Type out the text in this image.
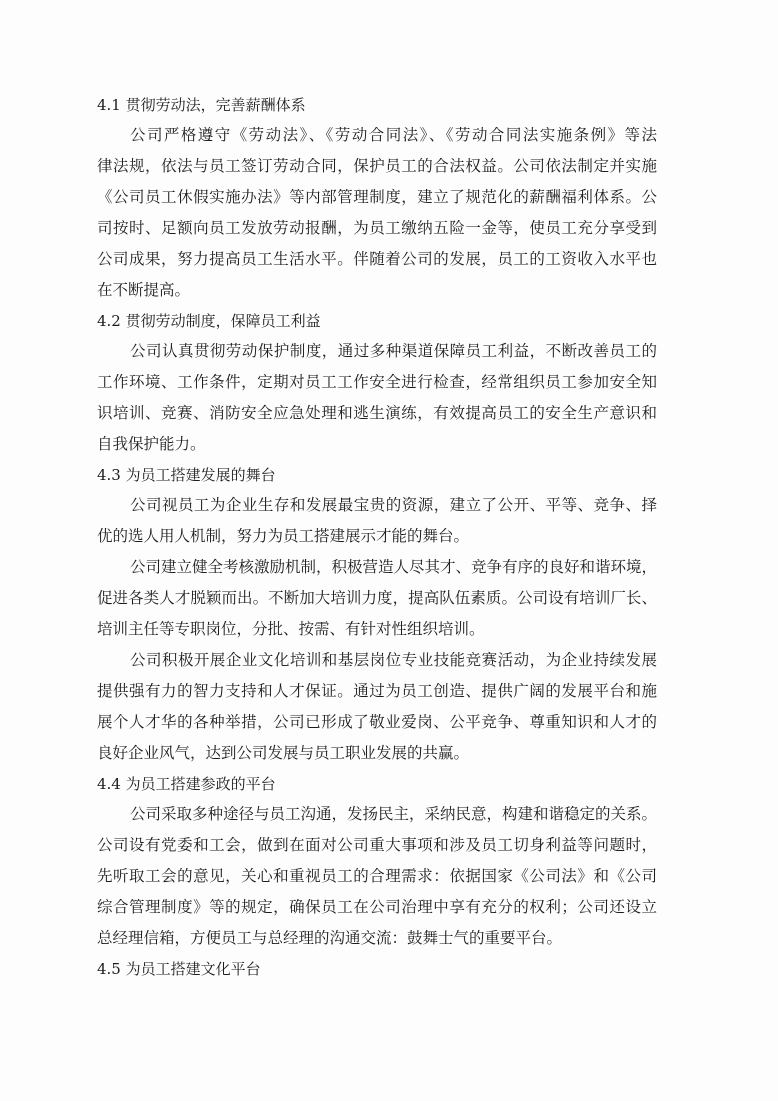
4.1 贯彻劳动法，完善薪酬体系
公司严格遵守《劳动法》、《劳动合同法》、《劳动合同法实施条例》等法
律法规，依法与员工签订劳动合同，保护员工的合法权益。公司依法制定并实施
《公司员工休假实施办法》等内部管理制度，建立了规范化的薪酬福利体系。公
司按时、足额向员工发放劳动报酬，为员工缴纳五险一金等，使员工充分享受到
公司成果，努力提高员工生活水平。伴随着公司的发展，员工的工资收入水平也
在不断提高。
4.2 贯彻劳动制度，保障员工利益
公司认真贯彻劳动保护制度，通过多种渠道保障员工利益，不断改善员工的
工作环境、工作条件，定期对员工工作安全进行检查，经常组织员工参加安全知
识培训、竞赛、消防安全应急处理和逃生演练，有效提高员工的安全生产意识和
自我保护能力。
4.3 为员工搭建发展的舞台
公司视员工为企业生存和发展最宝贵的资源，建立了公开、平等、竞争、择
优的选人用人机制，努力为员工搭建展示才能的舞台。
公司建立健全考核激励机制，积极营造人尽其才、竞争有序的良好和谐环境，
促进各类人才脱颖而出。不断加大培训力度，提高队伍素质。公司设有培训厂长、
培训主任等专职岗位，分批、按需、有针对性组织培训。
公司积极开展企业文化培训和基层岗位专业技能竞赛活动，为企业持续发展
提供强有力的智力支持和人才保证。通过为员工创造、提供广阔的发展平台和施
展个人才华的各种举措，公司已形成了敬业爱岗、公平竞争、尊重知识和人才的
良好企业风气，达到公司发展与员工职业发展的共赢。
4.4 为员工搭建参政的平台
公司采取多种途径与员工沟通，发扬民主，采纳民意，构建和谐稳定的关系。
公司设有党委和工会，做到在面对公司重大事项和涉及员工切身利益等问题时，
先听取工会的意见，关心和重视员工的合理需求：依据国家《公司法》和《公司
综合管理制度》等的规定，确保员工在公司治理中享有充分的权利；公司还设立
总经理信箱，方便员工与总经理的沟通交流：鼓舞士气的重要平台。
4.5 为员工搭建文化平台
